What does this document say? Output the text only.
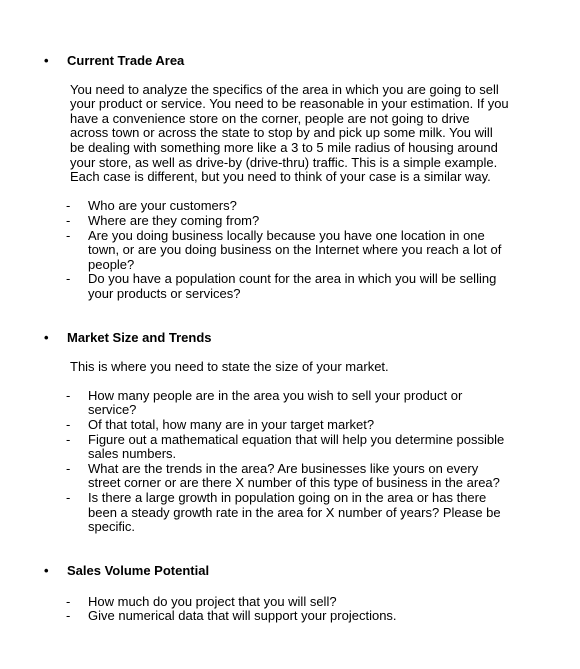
• Current Trade Area

You need to analyze the specifics of the area in which you are going to sell your product or service. You need to be reasonable in your estimation. If you have a convenience store on the corner, people are not going to drive across town or across the state to stop by and pick up some milk. You will be dealing with something more like a 3 to 5 mile radius of housing around your store, as well as drive-by (drive-thru) traffic. This is a simple example. Each case is different, but you need to think of your case is a similar way.

- Who are your customers?
- Where are they coming from?
- Are you doing business locally because you have one location in one town, or are you doing business on the Internet where you reach a lot of people?
- Do you have a population count for the area in which you will be selling your products or services?
• Market Size and Trends

This is where you need to state the size of your market.

- How many people are in the area you wish to sell your product or service?
- Of that total, how many are in your target market?
- Figure out a mathematical equation that will help you determine possible sales numbers.
- What are the trends in the area? Are businesses like yours on every street corner or are there X number of this type of business in the area?
- Is there a large growth in population going on in the area or has there been a steady growth rate in the area for X number of years? Please be specific.
• Sales Volume Potential
- How much do you project that you will sell?
- Give numerical data that will support your projections.
